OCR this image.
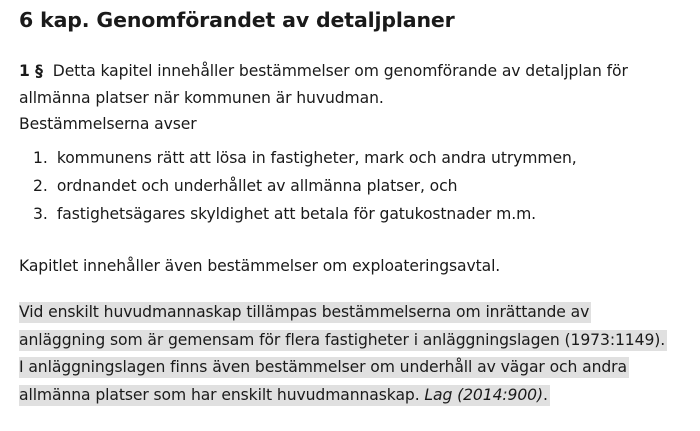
6 kap. Genomförandet av detaljplaner

1 § Detta kapitel innehåller bestämmelser om genomförande av detaljplan för
allmänna platser när kommunen är huvudman.
Bestämmelserna avser

1. kommunens rätt att lösa in fastigheter, mark och andra utrymmen,
2. ordnandet och underhållet av allmänna platser, och
3. fastighetsägares skyldighet att betala för gatukostnader m.m.

Kapitlet innehåller även bestämmelser om exploateringsavtal.

Vid enskilt huvudmannaskap tillämpas bestämmelserna om inrättande av
anläggning som är gemensam för flera fastigheter i anläggningslagen (1973:1149).
I anläggningslagen finns även bestämmelser om underhåll av vägar och andra
allmänna platser som har enskilt huvudmannaskap. Lag (2014:900).
